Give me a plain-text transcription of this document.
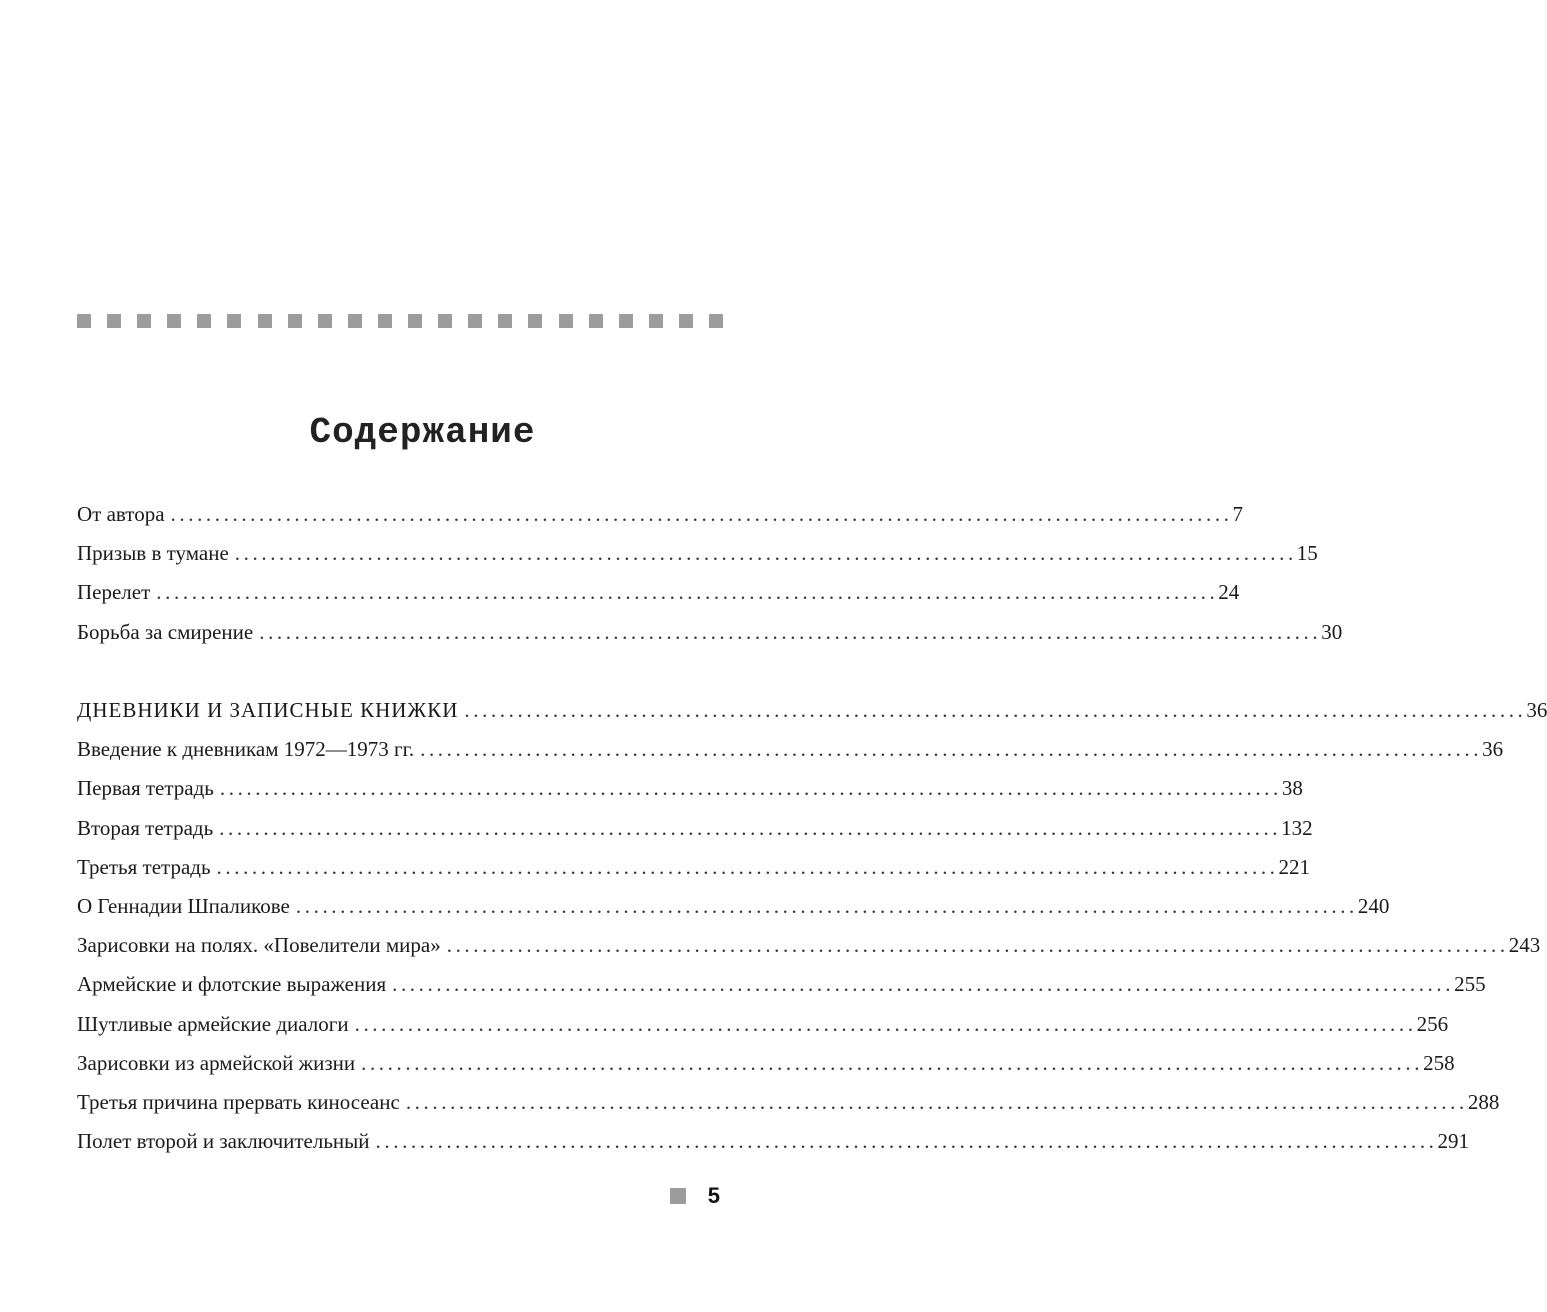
Содержание
От автора ........................................................................................................................ 7
Призыв в тумане ........................................................................................................................ 15
Перелет ........................................................................................................................ 24
Борьба за смирение ........................................................................................................................ 30
ДНЕВНИКИ И ЗАПИСНЫЕ КНИЖКИ ........................................................................................................................ 36
Введение к дневникам 1972—1973 гг. ........................................................................................................................ 36
Первая тетрадь ........................................................................................................................ 38
Вторая тетрадь ........................................................................................................................ 132
Третья тетрадь ........................................................................................................................ 221
О Геннадии Шпаликове ........................................................................................................................ 240
Зарисовки на полях. «Повелители мира» ........................................................................................................................ 243
Армейские и флотские выражения ........................................................................................................................ 255
Шутливые армейские диалоги ........................................................................................................................ 256
Зарисовки из армейской жизни ........................................................................................................................ 258
Третья причина прервать киносеанс ........................................................................................................................ 288
Полет второй и заключительный ........................................................................................................................ 291
5
